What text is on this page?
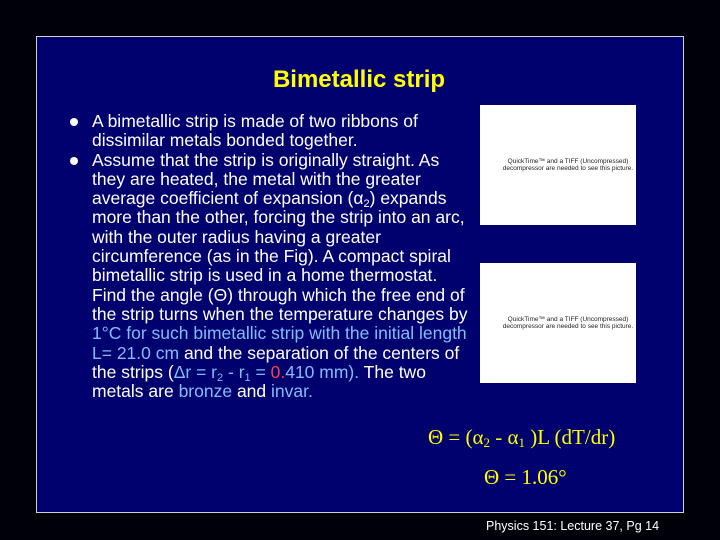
Bimetallic strip
A bimetallic strip is made of two ribbons of dissimilar metals bonded together.
Assume that the strip is originally straight. As they are heated, the metal with the greater average coefficient of expansion $(\alpha_2)$ expands more than the other, forcing the strip into an arc, with the outer radius having a greater circumference (as in the Fig). A compact spiral bimetallic strip is used in a home thermostat. Find the angle (Θ) through which the free end of the strip turns when the temperature changes by 1°C for such bimetallic strip with the initial length L= 21.0 cm and the separation of the centers of the strips ($\Delta r = r_2 - r_1 = 0.410$ mm). The two metals are bronze and invar.
QuickTime™ and a TIFF (Uncompressed) decompressor are needed to see this picture.
QuickTime™ and a TIFF (Uncompressed) decompressor are needed to see this picture.
$\Theta = (\alpha_2 - \alpha_1$ )L (dT/dr)
Θ = 1.06°
Physics 151: Lecture 37, Pg 14
